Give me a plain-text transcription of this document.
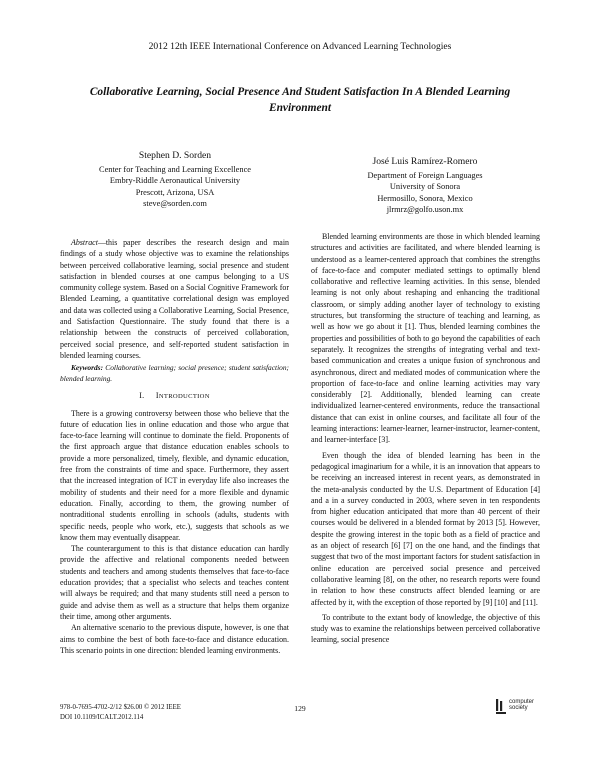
2012 12th IEEE International Conference on Advanced Learning Technologies
Collaborative Learning, Social Presence And Student Satisfaction In A Blended Learning Environment
Stephen D. Sorden
Center for Teaching and Learning Excellence
Embry-Riddle Aeronautical University
Prescott, Arizona, USA
steve@sorden.com
José Luis Ramírez-Romero
Department of Foreign Languages
University of Sonora
Hermosillo, Sonora, Mexico
jlrmrz@golfo.uson.mx

Abstract—this paper describes the research design and main findings of a study whose objective was to examine the relationships between perceived collaborative learning, social presence and student satisfaction in blended courses at one campus belonging to a US community college system. Based on a Social Cognitive Framework for Blended Learning, a quantitative correlational design was employed and data was collected using a Collaborative Learning, Social Presence, and Satisfaction Questionnaire. The study found that there is a relationship between the constructs of perceived collaboration, perceived social presence, and self-reported student satisfaction in blended learning courses.

Keywords: Collaborative learning; social presence; student satisfaction; blended learning.

I. INTRODUCTION

There is a growing controversy between those who believe that the future of education lies in online education and those who argue that face-to-face learning will continue to dominate the field. Proponents of the first approach argue that distance education enables schools to provide a more personalized, timely, flexible, and dynamic education, free from the constraints of time and space. Furthermore, they assert that the increased integration of ICT in everyday life also increases the mobility of students and their need for a more flexible and dynamic education. Finally, according to them, the growing number of nontraditional students enrolling in schools (adults, students with specific needs, people who work, etc.), suggests that schools as we know them may eventually disappear.

The counterargument to this is that distance education can hardly provide the affective and relational components needed between students and teachers and among students themselves that face-to-face education provides; that a specialist who selects and teaches content will always be required; and that many students still need a person to guide and advise them as well as a structure that helps them organize their time, among other arguments.

An alternative scenario to the previous dispute, however, is one that aims to combine the best of both face-to-face and distance education. This scenario points in one direction: blended learning environments.

Blended learning environments are those in which blended learning structures and activities are facilitated, and where blended learning is understood as a learner-centered approach that combines the strengths of face-to-face and computer mediated settings to optimally blend collaborative and reflective learning activities. In this sense, blended learning is not only about reshaping and enhancing the traditional classroom, or simply adding another layer of technology to existing structures, but transforming the structure of teaching and learning, as well as how we go about it [1]. Thus, blended learning combines the properties and possibilities of both to go beyond the capabilities of each separately. It recognizes the strengths of integrating verbal and text-based communication and creates a unique fusion of synchronous and asynchronous, direct and mediated modes of communication where the proportion of face-to-face and online learning activities may vary considerably [2]. Additionally, blended learning can create individualized learner-centered environments, reduce the transactional distance that can exist in online courses, and facilitate all four of the learning interactions: learner-learner, learner-instructor, learner-content, and learner-interface [3].

Even though the idea of blended learning has been in the pedagogical imaginarium for a while, it is an innovation that appears to be receiving an increased interest in recent years, as demonstrated in the meta-analysis conducted by the U.S. Department of Education [4] and a in a survey conducted in 2003, where seven in ten respondents from higher education anticipated that more than 40 percent of their courses would be delivered in a blended format by 2013 [5]. However, despite the growing interest in the topic both as a field of practice and as an object of research [6] [7] on the one hand, and the findings that suggest that two of the most important factors for student satisfaction in online education are perceived social presence and perceived collaborative learning [8], on the other, no research reports were found in relation to how these constructs affect blended learning or are affected by it, with the exception of those reported by [9] [10] and [11].

To contribute to the extant body of knowledge, the objective of this study was to examine the relationships between perceived collaborative learning, social presence

978-0-7695-4702-2/12 $26.00 © 2012 IEEE
DOI 10.1109/ICALT.2012.114
129
computer
society
